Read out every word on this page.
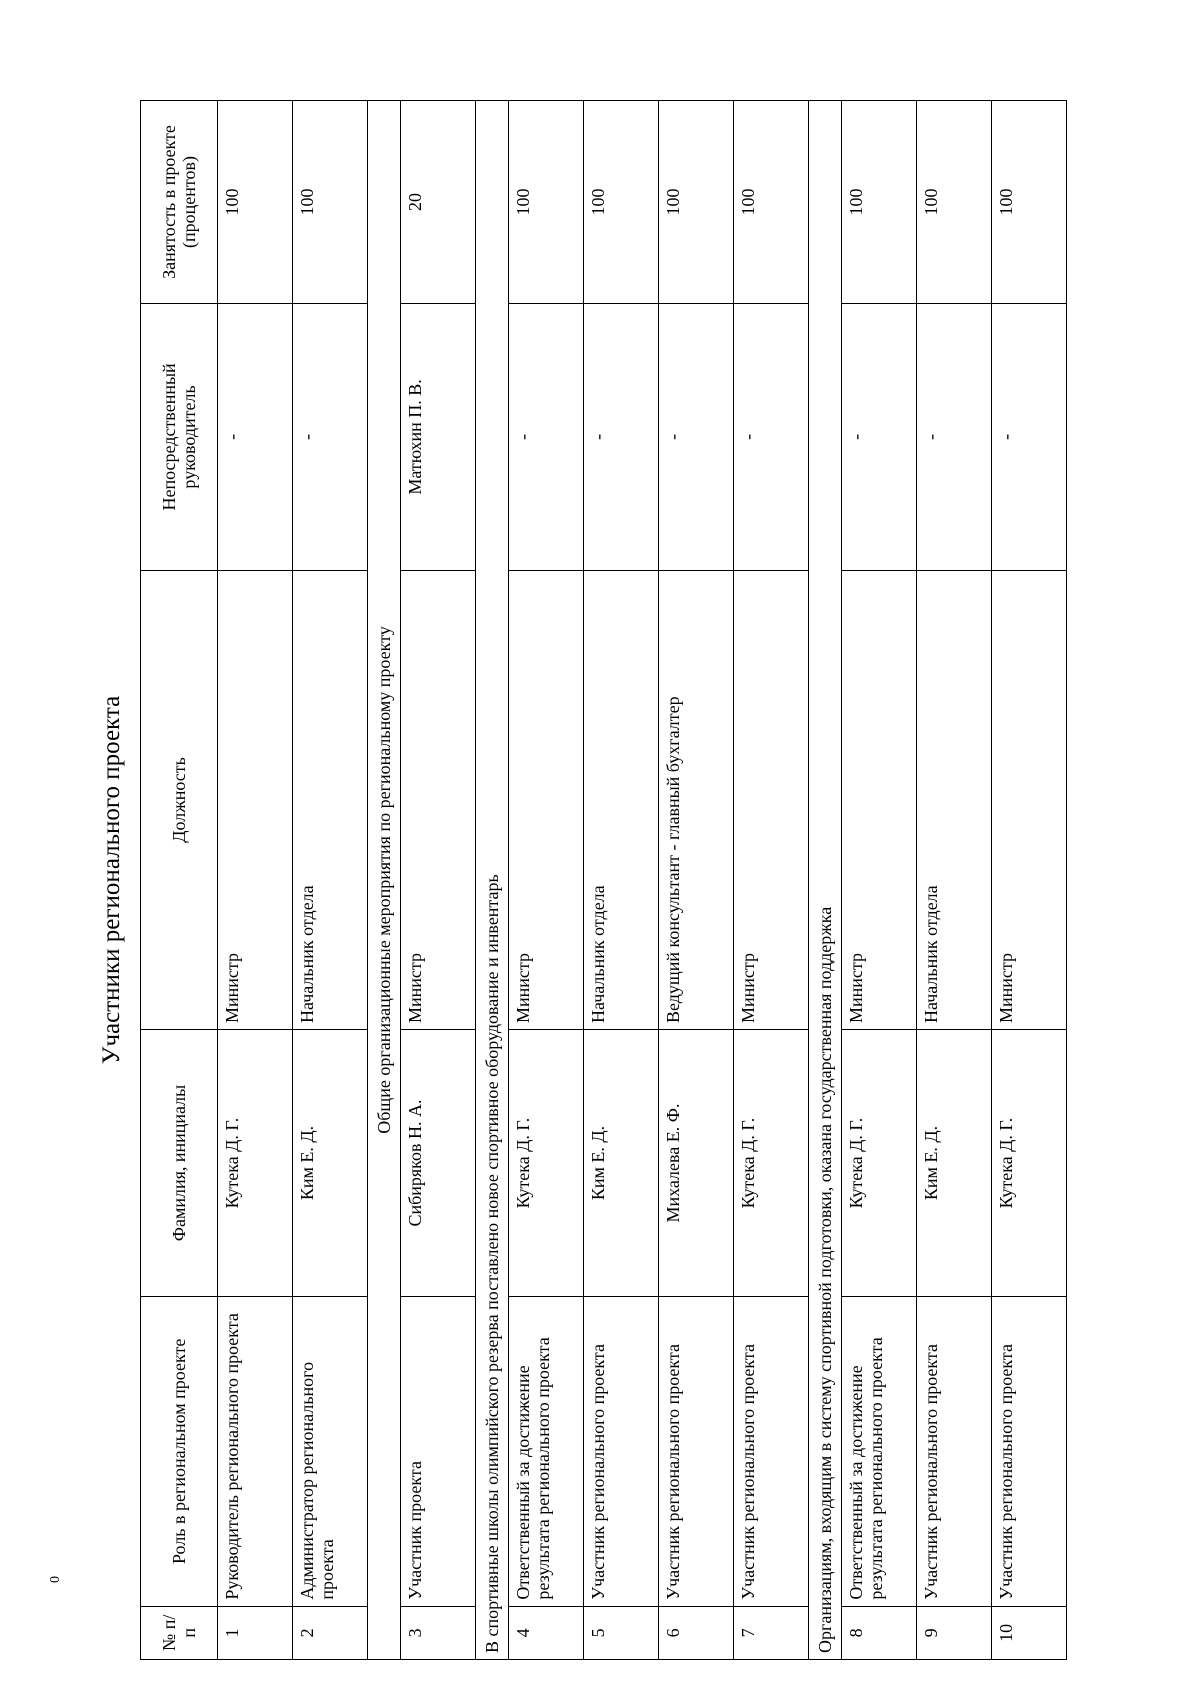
0
Участники регионального проекта
№ п/п	Роль в региональном проекте	Фамилия, инициалы	Должность	Непосредственный руководитель	Занятость в проекте (процентов)
1	Руководитель регионального проекта	Кутека Д. Г.	Министр	-	100
2	Администратор регионального проекта	Ким Е. Д.	Начальник отдела	-	100
Общие организационные мероприятия по региональному проекту					
3	Участник проекта	Сибиряков Н. А.	Министр	Матюхин П. В.	20
В спортивные школы олимпийского резерва поставлено новое спортивное оборудование и инвентарь					
4	Ответственный за достижение результата регионального проекта	Кутека Д. Г.	Министр	-	100
5	Участник регионального проекта	Ким Е. Д.	Начальник отдела	-	100
6	Участник регионального проекта	Михалева Е. Ф.	Ведущий консультант - главный бухгалтер	-	100
7	Участник регионального проекта	Кутека Д. Г.	Министр	-	100
Организациям, входящим в систему спортивной подготовки, оказана государственная поддержка					
8	Ответственный за достижение результата регионального проекта	Кутека Д. Г.	Министр	-	100
9	Участник регионального проекта	Ким Е. Д.	Начальник отдела	-	100
10	Участник регионального проекта	Кутека Д. Г.	Министр	-	100
